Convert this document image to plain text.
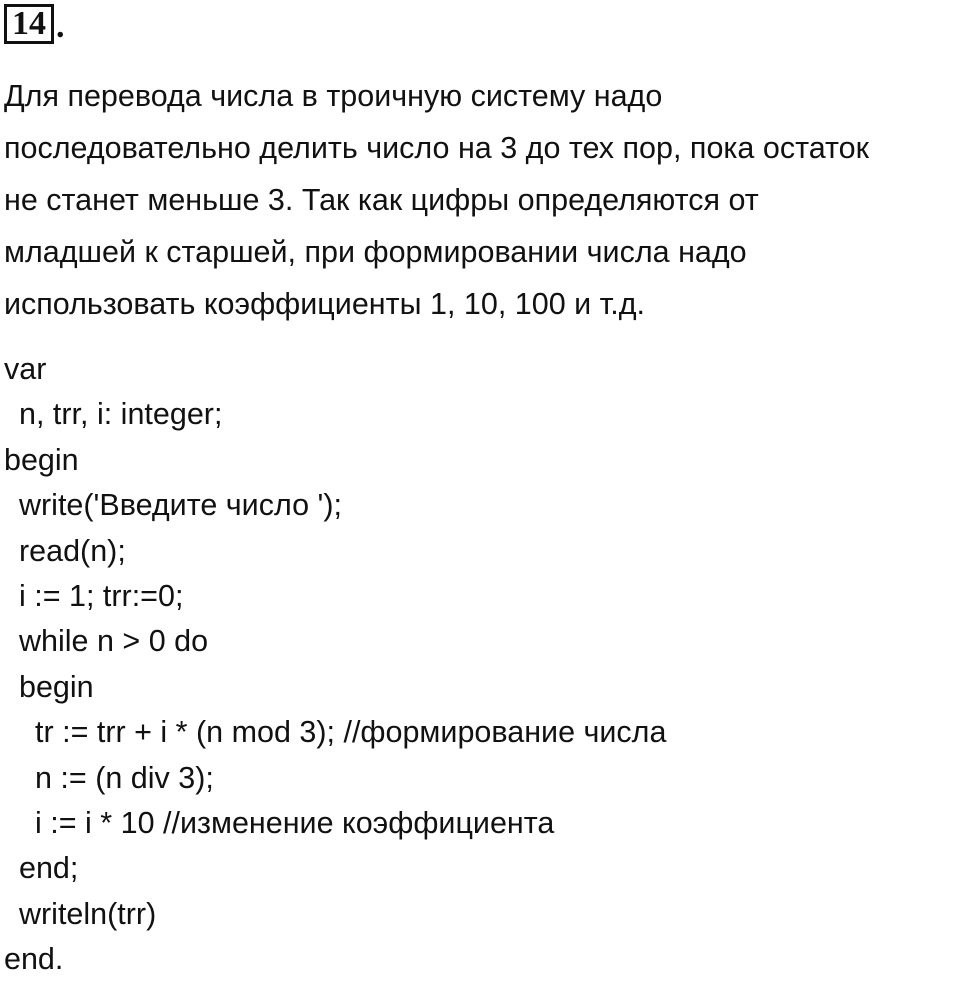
14 .
Для перевода числа в троичную систему надо
последовательно делить число на 3 до тех пор, пока остаток
не станет меньше 3. Так как цифры определяются от
младшей к старшей, при формировании числа надо
использовать коэффициенты 1, 10, 100 и т.д.
var
n, trr, i: integer;
begin
write('Введите число ');
read(n);
i := 1; trr:=0;
while n > 0 do
begin
tr := trr + i * (n mod 3); //формирование числа
n := (n div 3);
i := i * 10 //изменение коэффициента
end;
writeln(trr)
end.
